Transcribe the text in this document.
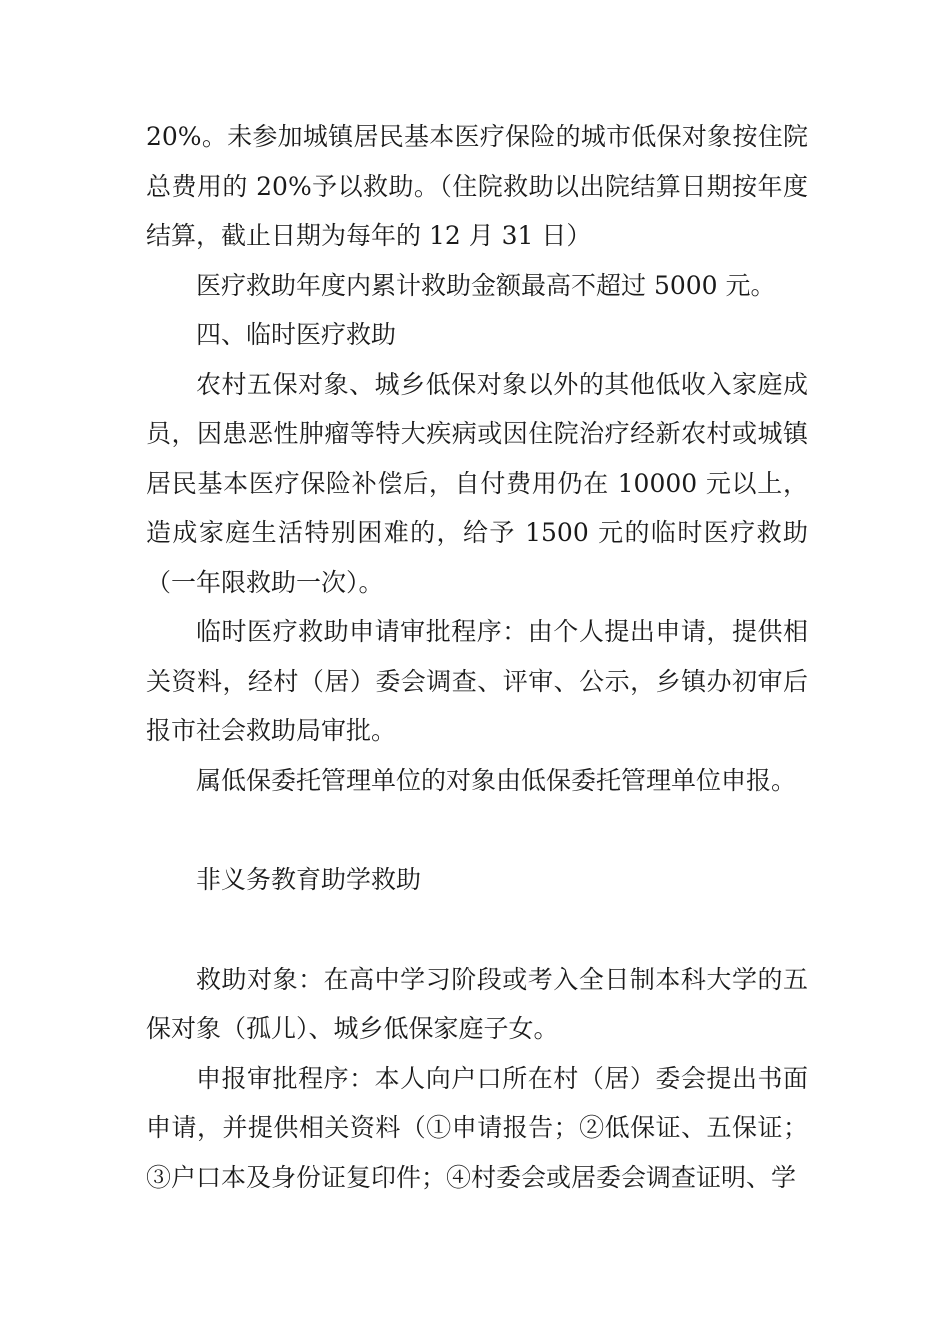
20%。未参加城镇居民基本医疗保险的城市低保对象按住院总费用的 20%予以救助。（住院救助以出院结算日期按年度结算，截止日期为每年的 12 月 31 日）

医疗救助年度内累计救助金额最高不超过 5000 元。

四、临时医疗救助

农村五保对象、城乡低保对象以外的其他低收入家庭成员，因患恶性肿瘤等特大疾病或因住院治疗经新农村或城镇居民基本医疗保险补偿后，自付费用仍在 10000 元以上，造成家庭生活特别困难的，给予 1500 元的临时医疗救助（一年限救助一次）。

临时医疗救助申请审批程序：由个人提出申请，提供相关资料，经村（居）委会调查、评审、公示，乡镇办初审后报市社会救助局审批。

属低保委托管理单位的对象由低保委托管理单位申报。

非义务教育助学救助

救助对象：在高中学习阶段或考入全日制本科大学的五保对象（孤儿）、城乡低保家庭子女。

申报审批程序：本人向户口所在村（居）委会提出书面申请，并提供相关资料（①申请报告；②低保证、五保证；③户口本及身份证复印件；④村委会或居委会调查证明、学
